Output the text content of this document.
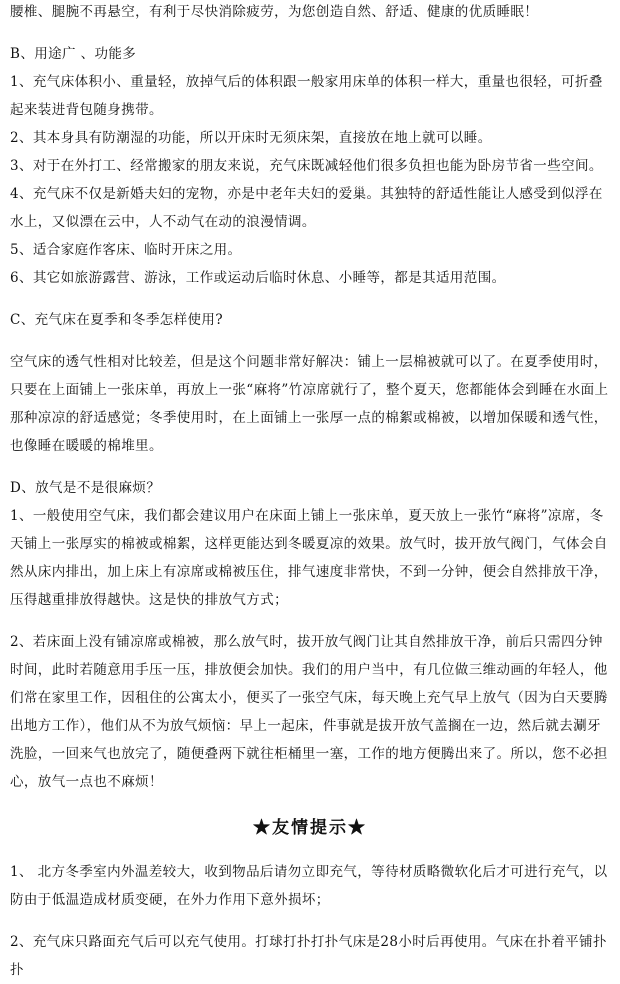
腰椎、腿腕不再悬空，有利于尽快消除疲劳，为您创造自然、舒适、健康的优质睡眠！

B、用途广 、功能多

1、充气床体积小、重量轻，放掉气后的体积跟一般家用床单的体积一样大，重量也很轻，可折叠起来装进背包随身携带。

2、其本身具有防潮湿的功能，所以开床时无须床架，直接放在地上就可以睡。

3、对于在外打工、经常搬家的朋友来说，充气床既减轻他们很多负担也能为卧房节省一些空间。

4、充气床不仅是新婚夫妇的宠物，亦是中老年夫妇的爱巢。其独特的舒适性能让人感受到似浮在水上，又似漂在云中，人不动气在动的浪漫情调。

5、适合家庭作客床、临时开床之用。

6、其它如旅游露营、游泳，工作或运动后临时休息、小睡等，都是其适用范围。

C、充气床在夏季和冬季怎样使用?

空气床的透气性相对比较差，但是这个问题非常好解决：铺上一层棉被就可以了。在夏季使用时，只要在上面铺上一张床单，再放上一张“麻将”竹凉席就行了，整个夏天，您都能体会到睡在水面上那种凉凉的舒适感觉；冬季使用时，在上面铺上一张厚一点的棉絮或棉被，以增加保暖和透气性，也像睡在暖暖的棉堆里。

D、放气是不是很麻烦？

1、一般使用空气床，我们都会建议用户在床面上铺上一张床单，夏天放上一张竹“麻将”凉席，冬天铺上一张厚实的棉被或棉絮，这样更能达到冬暖夏凉的效果。放气时，拔开放气阀门，气体会自然从床内排出，加上床上有凉席或棉被压住，排气速度非常快，不到一分钟，便会自然排放干净，压得越重排放得越快。这是快的排放气方式；

2、若床面上没有铺凉席或棉被，那么放气时，拔开放气阀门让其自然排放干净，前后只需四分钟时间，此时若随意用手压一压，排放便会加快。我们的用户当中，有几位做三维动画的年轻人，他们常在家里工作，因租住的公寓太小，便买了一张空气床，每天晚上充气早上放气（因为白天要腾出地方工作），他们从不为放气烦恼：早上一起床，件事就是拔开放气盖搁在一边，然后就去涮牙洗脸，一回来气也放完了，随便叠两下就往柜桶里一塞，工作的地方便腾出来了。所以，您不必担心，放气一点也不麻烦！

★友情提示★

1、 北方冬季室内外温差较大，收到物品后请勿立即充气，等待材质略微软化后才可进行充气，以防由于低温造成材质变硬，在外力作用下意外损坏；

2、充气床只路面充气后可以充气使用。打球打扑打扑气床是28小时后再使用。气床在扑着平铺扑扑
